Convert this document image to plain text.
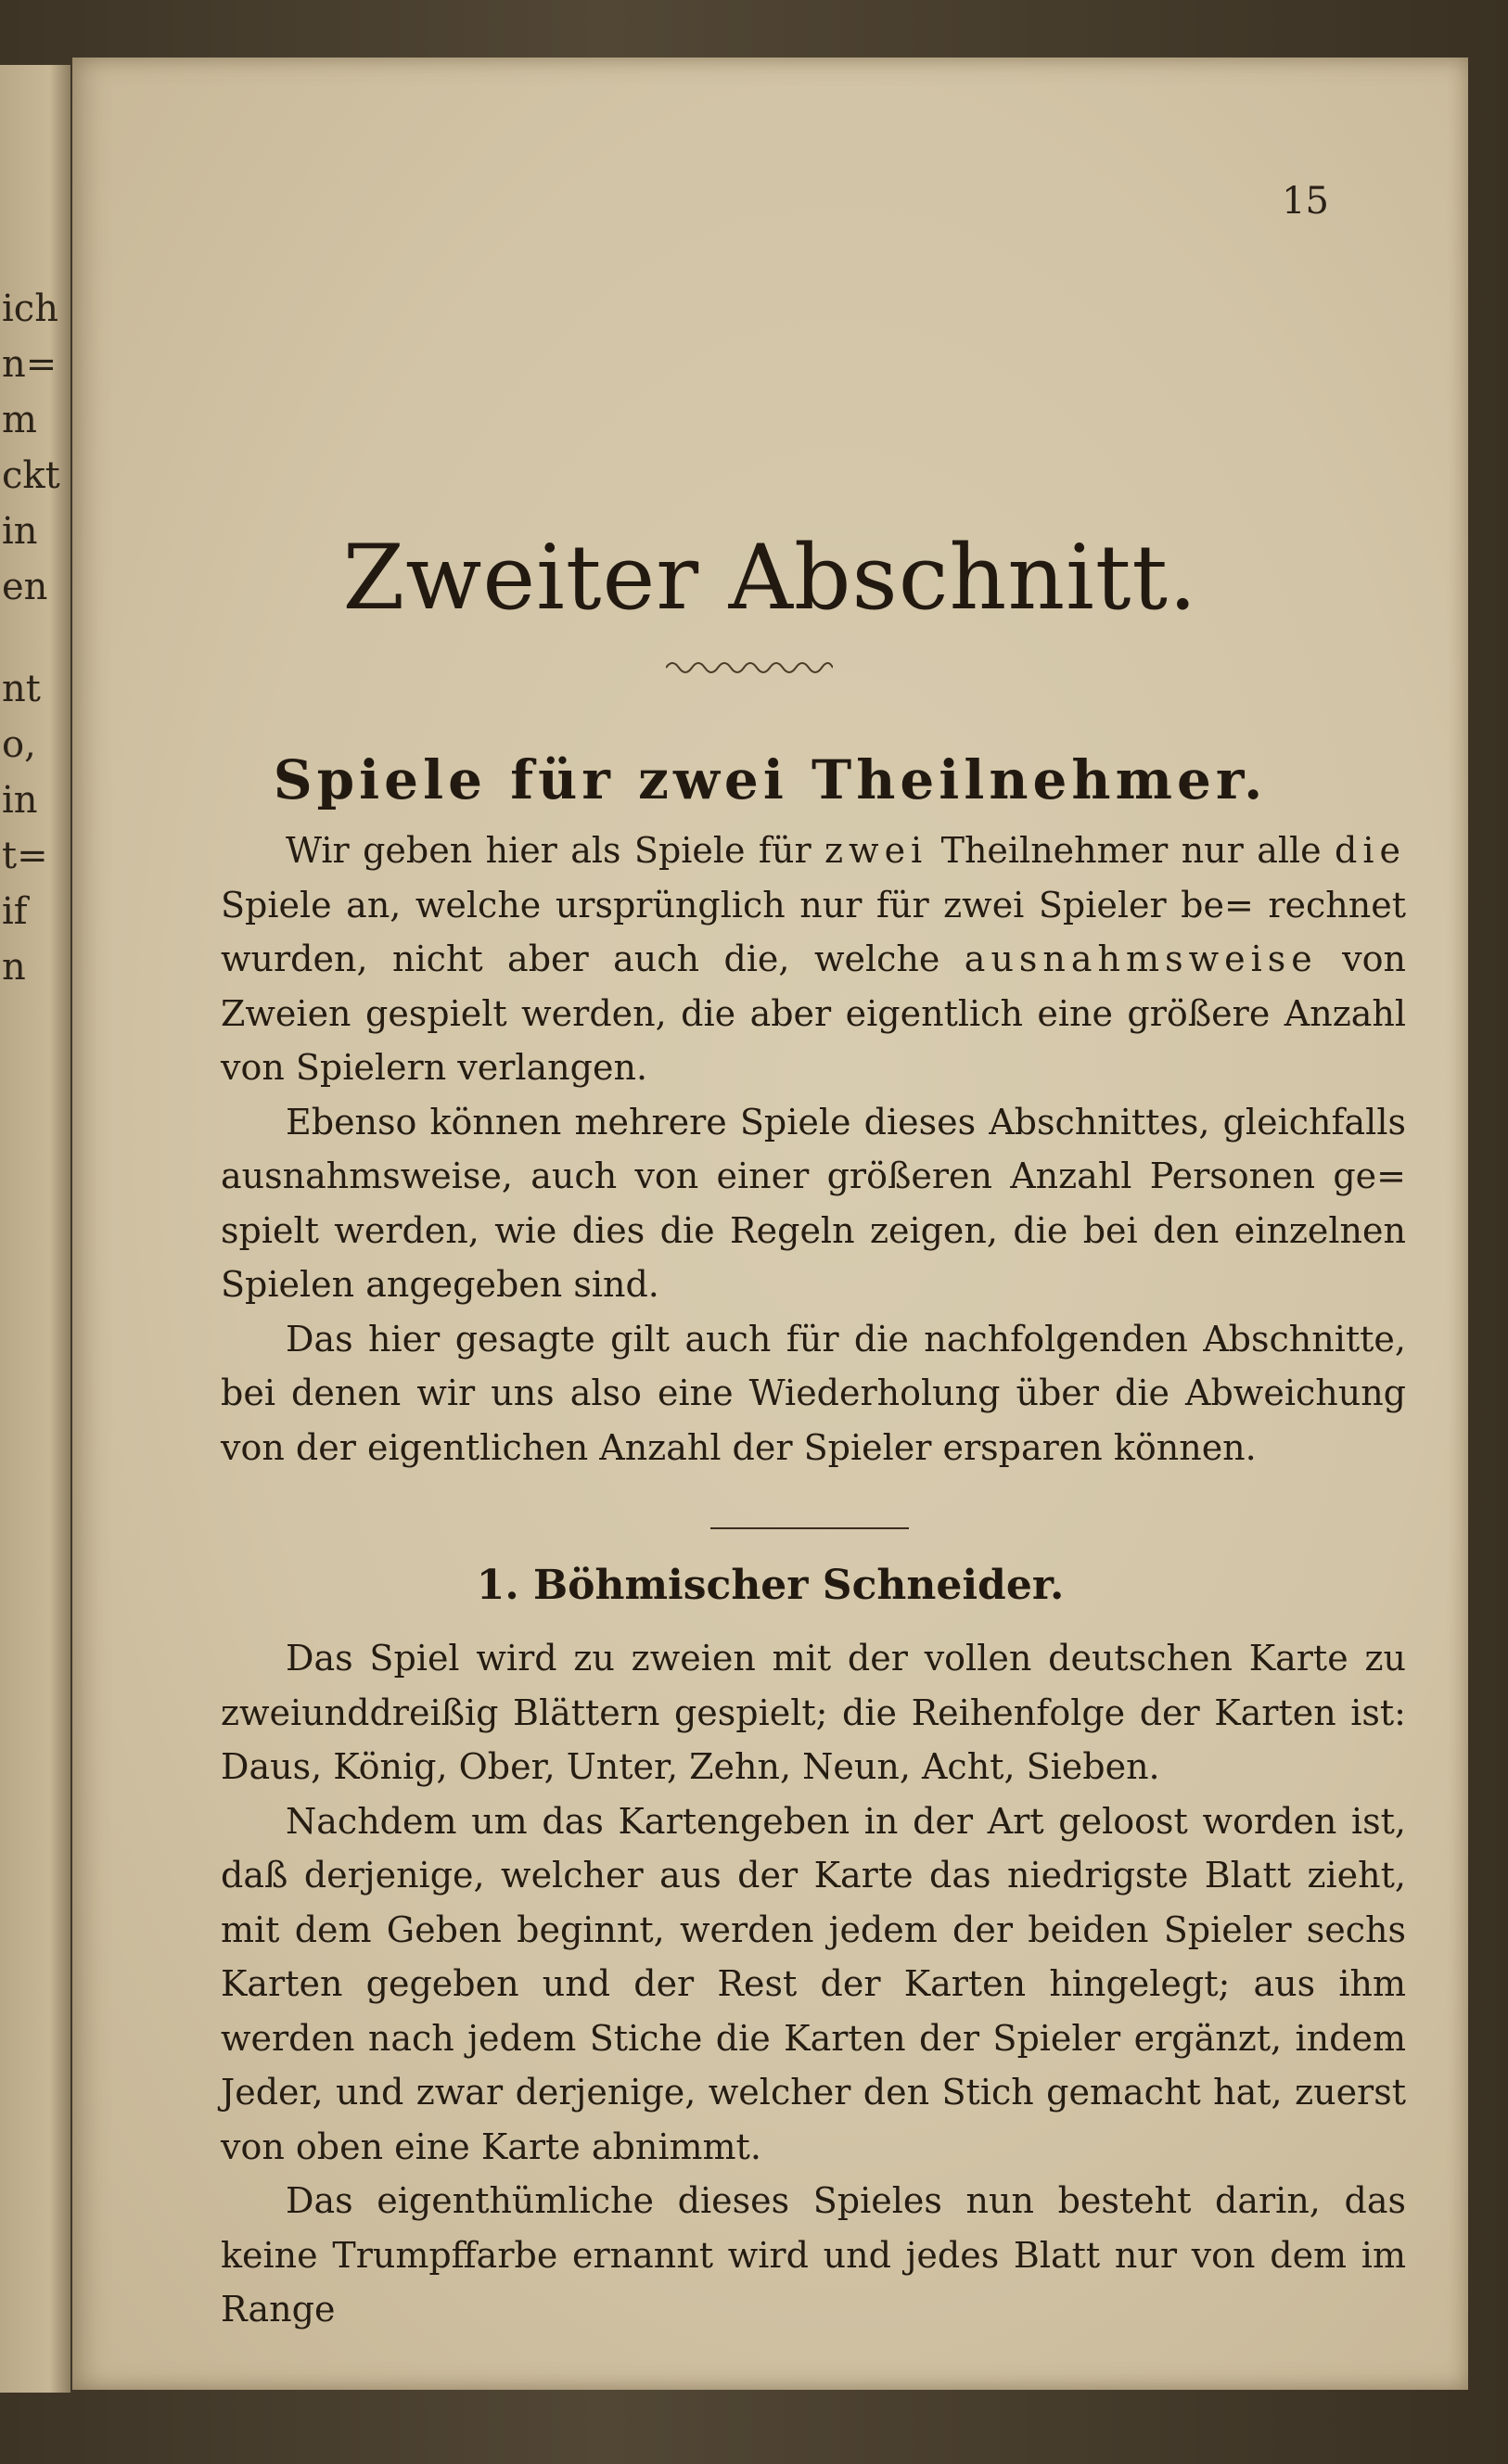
ich
n=
m
ckt
in
en
nt
o,
in
t=
if
n
15
Zweiter Abschnitt.
Spiele für zwei Theilnehmer.

Wir geben hier als Spiele für zwei Theilnehmer nur alle die Spiele an, welche ursprünglich nur für zwei Spieler be= rechnet wurden, nicht aber auch die, welche ausnahmsweise von Zweien gespielt werden, die aber eigentlich eine größere Anzahl von Spielern verlangen.

Ebenso können mehrere Spiele dieses Abschnittes, gleichfalls ausnahmsweise, auch von einer größeren Anzahl Personen ge= spielt werden, wie dies die Regeln zeigen, die bei den einzelnen Spielen angegeben sind.

Das hier gesagte gilt auch für die nachfolgenden Abschnitte, bei denen wir uns also eine Wiederholung über die Abweichung von der eigentlichen Anzahl der Spieler ersparen können.

1. Böhmischer Schneider.

Das Spiel wird zu zweien mit der vollen deutschen Karte zu zweiunddreißig Blättern gespielt; die Reihenfolge der Karten ist: Daus, König, Ober, Unter, Zehn, Neun, Acht, Sieben.

Nachdem um das Kartengeben in der Art geloost worden ist, daß derjenige, welcher aus der Karte das niedrigste Blatt zieht, mit dem Geben beginnt, werden jedem der beiden Spieler sechs Karten gegeben und der Rest der Karten hingelegt; aus ihm werden nach jedem Stiche die Karten der Spieler ergänzt, indem Jeder, und zwar derjenige, welcher den Stich gemacht hat, zuerst von oben eine Karte abnimmt.

Das eigenthümliche dieses Spieles nun besteht darin, das keine Trumpffarbe ernannt wird und jedes Blatt nur von dem im Range
